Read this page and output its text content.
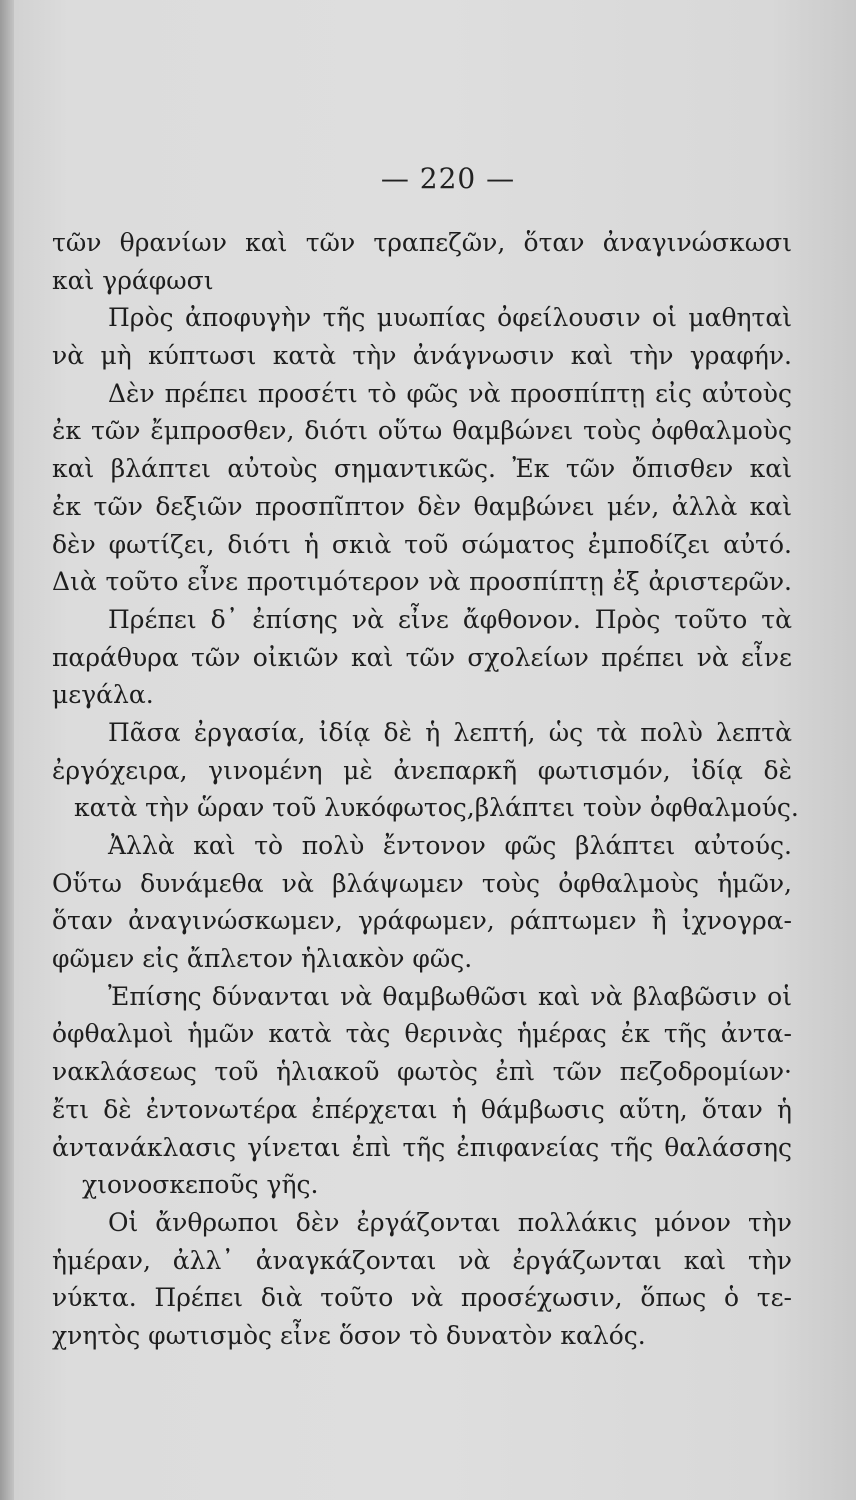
— 220 —
τῶν θρανίων καὶ τῶν τραπεζῶν, ὅταν ἀναγινώσκωσι
καὶ γράφωσι
Πρὸς ἀποφυγὴν τῆς μυωπίας ὀφείλουσιν οἱ μαθηταὶ
νὰ μὴ κύπτωσι κατὰ τὴν ἀνάγνωσιν καὶ τὴν γραφήν.
Δὲν πρέπει προσέτι τὸ φῶς νὰ προσπίπτῃ εἰς αὐτοὺς
ἐκ τῶν ἔμπροσθεν, διότι οὕτω θαμβώνει τοὺς ὀφθαλμοὺς
καὶ βλάπτει αὐτοὺς σημαντικῶς. Ἐκ τῶν ὄπισθεν καὶ
ἐκ τῶν δεξιῶν προσπῖπτον δὲν θαμβώνει μέν, ἀλλὰ καὶ
δὲν φωτίζει, διότι ἡ σκιὰ τοῦ σώματος ἐμποδίζει αὐτό.
Διὰ τοῦτο εἶνε προτιμότερον νὰ προσπίπτῃ ἐξ ἀριστερῶν.
Πρέπει δ᾽ ἐπίσης νὰ εἶνε ἄφθονον. Πρὸς τοῦτο τὰ
παράθυρα τῶν οἰκιῶν καὶ τῶν σχολείων πρέπει νὰ εἶνε
μεγάλα.
Πᾶσα ἐργασία, ἰδίᾳ δὲ ἡ λεπτή, ὡς τὰ πολὺ λεπτὰ
ἐργόχειρα, γινομένη μὲ ἀνεπαρκῆ φωτισμόν, ἰδίᾳ δὲ
κατὰ τὴν ὥραν τοῦ λυκόφωτος,βλάπτει τοὺν ὀφθαλμούς.
Ἀλλὰ καὶ τὸ πολὺ ἔντονον φῶς βλάπτει αὐτούς.
Οὕτω δυνάμεθα νὰ βλάψωμεν τοὺς ὀφθαλμοὺς ἡμῶν,
ὅταν ἀναγινώσκωμεν, γράφωμεν, ράπτωμεν ἢ ἰχνογρα-
φῶμεν εἰς ἄπλετον ἡλιακὸν φῶς.
Ἐπίσης δύνανται νὰ θαμβωθῶσι καὶ νὰ βλαβῶσιν οἱ
ὀφθαλμοὶ ἡμῶν κατὰ τὰς θερινὰς ἡμέρας ἐκ τῆς ἀντα-
νακλάσεως τοῦ ἡλιακοῦ φωτὸς ἐπὶ τῶν πεζοδρομίων·
ἔτι δὲ ἐντονωτέρα ἐπέρχεται ἡ θάμβωσις αὕτη, ὅταν ἡ
ἀντανάκλασις γίνεται ἐπὶ τῆς ἐπιφανείας τῆς θαλάσσης
χιονοσκεποῦς γῆς.
Οἱ ἄνθρωποι δὲν ἐργάζονται πολλάκις μόνον τὴν
ἡμέραν, ἀλλ᾽ ἀναγκάζονται νὰ ἐργάζωνται καὶ τὴν
νύκτα. Πρέπει διὰ τοῦτο νὰ προσέχωσιν, ὅπως ὁ τε-
χνητὸς φωτισμὸς εἶνε ὅσον τὸ δυνατὸν καλός.
